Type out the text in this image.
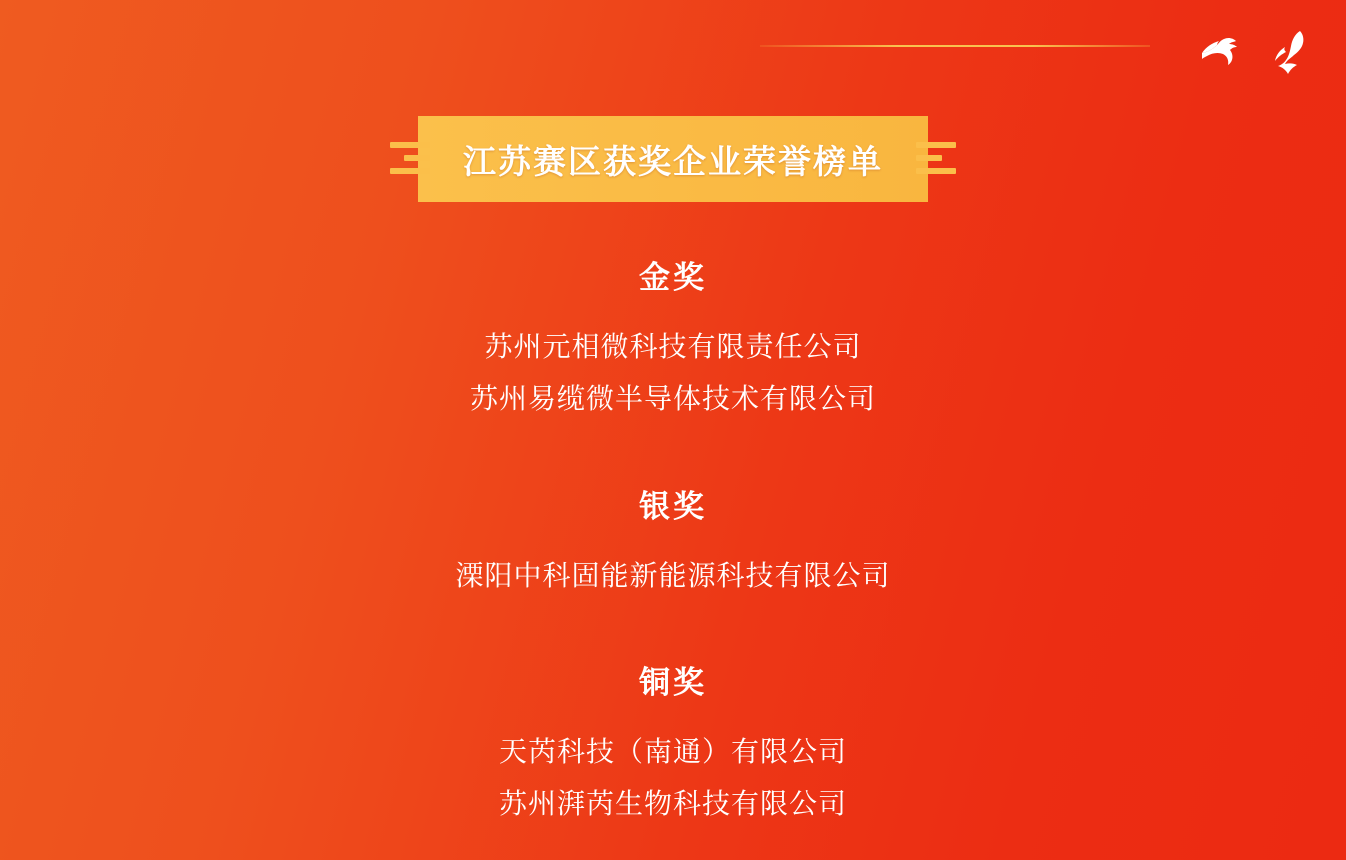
江苏赛区获奖企业荣誉榜单
金奖
苏州元相微科技有限责任公司
苏州易缆微半导体技术有限公司
银奖
溧阳中科固能新能源科技有限公司
铜奖
天芮科技（南通）有限公司
苏州湃芮生物科技有限公司
